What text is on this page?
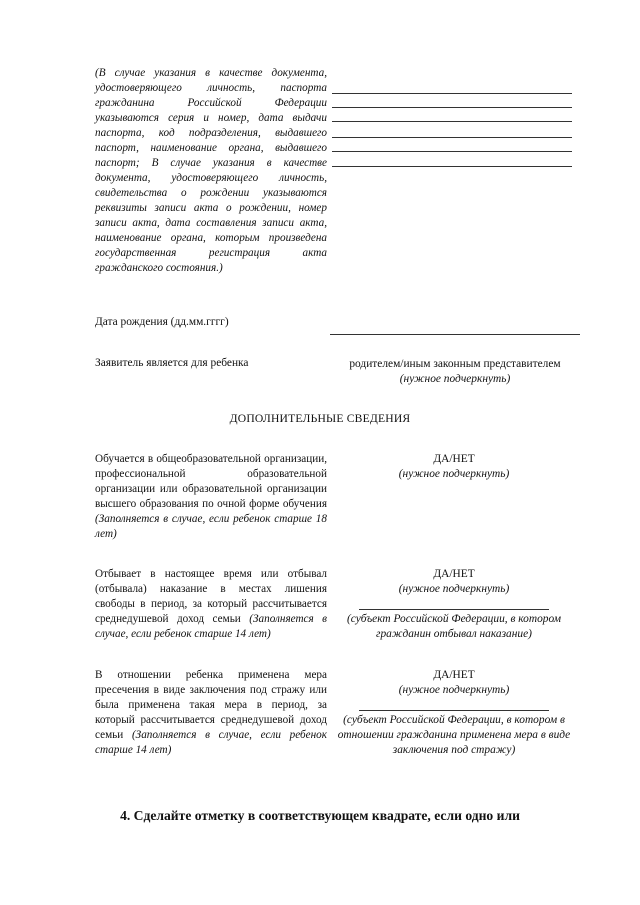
(В случае указания в качестве документа, удостоверяющего личность, паспорта гражданина Российской Федерации указываются серия и номер, дата выдачи паспорта, код подразделения, выдавшего паспорт, наименование органа, выдавшего паспорт; В случае указания в качестве документа, удостоверяющего личность, свидетельства о рождении указываются реквизиты записи акта о рождении, номер записи акта, дата составления записи акта, наименование органа, которым произведена государственная регистрация акта гражданского состояния.)
Дата рождения (дд.мм.гггг)
Заявитель является для ребенка	родителем/иным законным представителем
(нужное подчеркнуть)
ДОПОЛНИТЕЛЬНЫЕ СВЕДЕНИЯ
Обучается в общеобразовательной организации, профессиональной образовательной организации или образовательной организации высшего образования по очной форме обучения (Заполняется в случае, если ребенок старше 18 лет)
ДА/НЕТ
(нужное подчеркнуть)
Отбывает в настоящее время или отбывал (отбывала) наказание в местах лишения свободы в период, за который рассчитывается среднедушевой доход семьи (Заполняется в случае, если ребенок старше 14 лет)
ДА/НЕТ
(нужное подчеркнуть)
(субъект Российской Федерации, в котором гражданин отбывал наказание)
В отношении ребенка применена мера пресечения в виде заключения под стражу или была применена такая мера в период, за который рассчитывается среднедушевой доход семьи (Заполняется в случае, если ребенок старше 14 лет)
ДА/НЕТ
(нужное подчеркнуть)
(субъект Российской Федерации, в котором в отношении гражданина применена мера в виде заключения под стражу)
4. Сделайте отметку в соответствующем квадрате, если одно или
